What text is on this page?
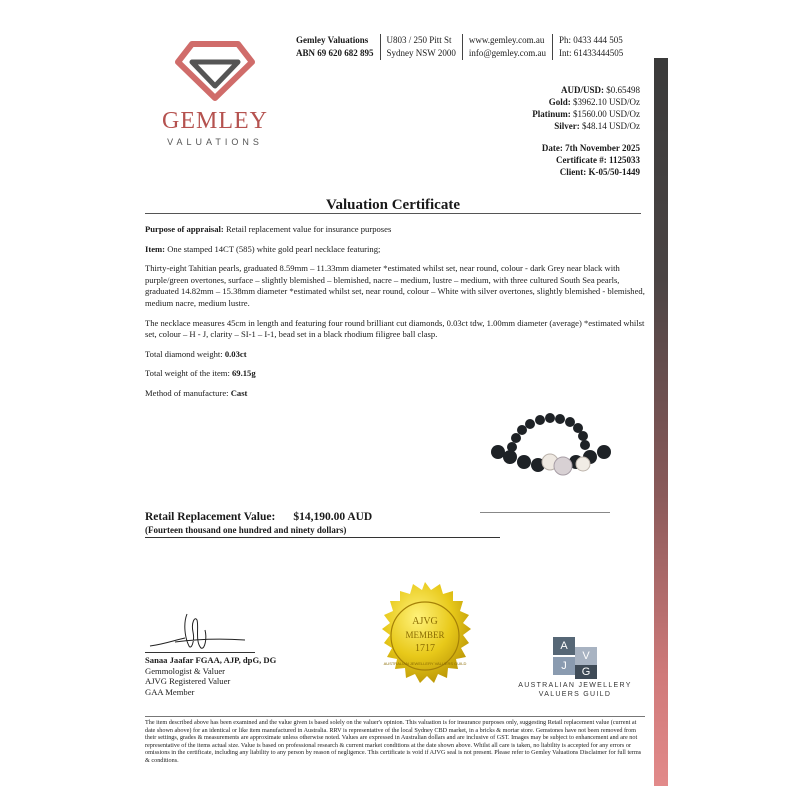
GEMLEY
VALUATIONS
Gemley Valuations
ABN 69 620 682 895
U803 / 250 Pitt St
Sydney NSW 2000
www.gemley.com.au
info@gemley.com.au
Ph: 0433 444 505
Int: 61433444505
AUD/USD: $0.65498
Gold: $3962.10 USD/Oz
Platinum: $1560.00 USD/Oz
Silver: $48.14 USD/Oz
Date: 7th November 2025
Certificate #: 1125033
Client: K-05/50-1449
Valuation Certificate

Purpose of appraisal: Retail replacement value for insurance purposes

Item: One stamped 14CT (585) white gold pearl necklace featuring;

Thirty-eight Tahitian pearls, graduated 8.59mm – 11.33mm diameter *estimated whilst set, near round, colour - dark Grey near black with purple/green overtones, surface – slightly blemished – blemished, nacre – medium, lustre – medium, with three cultured South Sea pearls, graduated 14.82mm – 15.38mm diameter *estimated whilst set, near round, colour – White with silver overtones, slightly blemished - blemished, medium nacre, medium lustre.

The necklace measures 45cm in length and featuring four round brilliant cut diamonds, 0.03ct tdw, 1.00mm diameter (average) *estimated whilst set, colour – H - J, clarity – SI-1 – I-1, bead set in a black rhodium filigree ball clasp.

Total diamond weight: 0.03ct

Total weight of the item: 69.15g

Method of manufacture: Cast

Retail Replacement Value: $14,190.00 AUD
(Fourteen thousand one hundred and ninety dollars)
AJVG
MEMBER
1717
AUSTRALIAN JEWELLERY VALUERS GUILD
Sanaa Jaafar FGAA, AJP, dpG, DG
Gemmologist & Valuer
AJVG Registered Valuer
GAA Member
A
V
J	G
AUSTRALIAN JEWELLERY
VALUERS GUILD
The item described above has been examined and the value given is based solely on the valuer's opinion. This valuation is for insurance purposes only, suggesting Retail replacement value (current at date shown above) for an identical or like item manufactured in Australia. RRV is representative of the local Sydney CBD market, in a bricks & mortar store. Gemstones have not been removed from their settings, grades & measurements are approximate unless otherwise noted. Values are expressed in Australian dollars and are inclusive of GST. Images may be subject to enhancement and are not representative of the items actual size. Value is based on professional research & current market conditions at the date shown above. Whilst all care is taken, no liability is accepted for any errors or omissions in the certificate, including any liability to any person by reason of negligence. This certificate is void if AJVG seal is not present. Please refer to Gemley Valuations Disclaimer for full terms & conditions.
